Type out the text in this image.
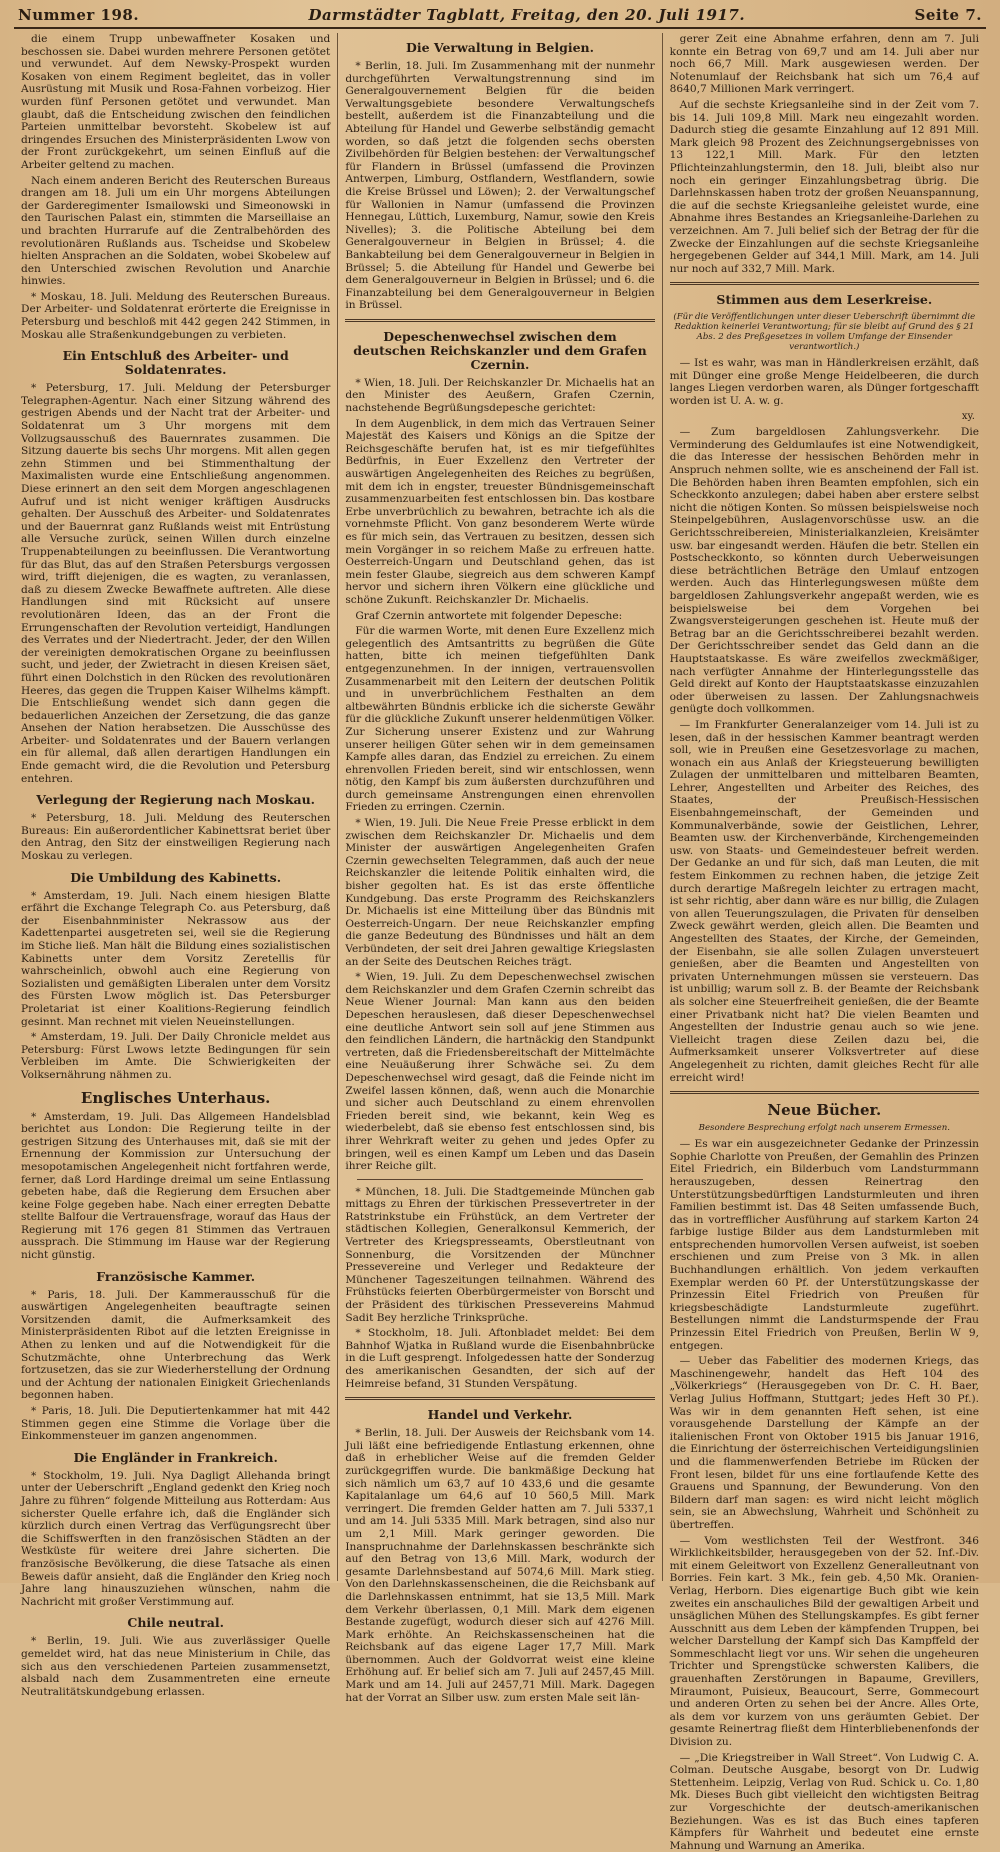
Nummer 198.	Darmstädter Tagblatt, Freitag, den 20. Juli 1917.	Seite 7.

die einem Trupp unbewaffneter Kosaken und beschossen sie. Dabei wurden mehrere Personen getötet und verwundet. Auf dem Newsky-Prospekt wurden Kosaken von einem Regiment begleitet, das in voller Ausrüstung mit Musik und Rosa-Fahnen vorbeizog. Hier wurden fünf Personen getötet und verwundet. Man glaubt, daß die Entscheidung zwischen den feindlichen Parteien unmittelbar bevorsteht. Skobelew ist auf dringendes Ersuchen des Ministerpräsidenten Lwow von der Front zurückgekehrt, um seinen Einfluß auf die Arbeiter geltend zu machen.

Nach einem anderen Bericht des Reuterschen Bureaus drangen am 18. Juli um ein Uhr morgens Abteilungen der Garderegimenter Ismailowski und Simeonowski in den Taurischen Palast ein, stimmten die Marseillaise an und brachten Hurrarufe auf die Zentralbehörden des revolutionären Rußlands aus. Tscheidse und Skobelew hielten Ansprachen an die Soldaten, wobei Skobelew auf den Unterschied zwischen Revolution und Anarchie hinwies.

* Moskau, 18. Juli. Meldung des Reuterschen Bureaus. Der Arbeiter- und Soldatenrat erörterte die Ereignisse in Petersburg und beschloß mit 442 gegen 242 Stimmen, in Moskau alle Straßenkundgebungen zu verbieten.

Ein Entschluß des Arbeiter- und Soldatenrates.

* Petersburg, 17. Juli. Meldung der Petersburger Telegraphen-Agentur. Nach einer Sitzung während des gestrigen Abends und der Nacht trat der Arbeiter- und Soldatenrat um 3 Uhr morgens mit dem Vollzugsausschuß des Bauernrates zusammen. Die Sitzung dauerte bis sechs Uhr morgens. Mit allen gegen zehn Stimmen und bei Stimmenthaltung der Maximalisten wurde eine Entschließung angenommen. Diese erinnert an den seit dem Morgen angeschlagenen Aufruf und ist nicht weniger kräftigen Ausdrucks gehalten. Der Ausschuß des Arbeiter- und Soldatenrates und der Bauernrat ganz Rußlands weist mit Entrüstung alle Versuche zurück, seinen Willen durch einzelne Truppenabteilungen zu beeinflussen. Die Verantwortung für das Blut, das auf den Straßen Petersburgs vergossen wird, trifft diejenigen, die es wagten, zu veranlassen, daß zu diesem Zwecke Bewaffnete auftreten. Alle diese Handlungen sind mit Rücksicht auf unsere revolutionären Ideen, das an der Front die Errungenschaften der Revolution verteidigt, Handlungen des Verrates und der Niedertracht. Jeder, der den Willen der vereinigten demokratischen Organe zu beeinflussen sucht, und jeder, der Zwietracht in diesen Kreisen säet, führt einen Dolchstich in den Rücken des revolutionären Heeres, das gegen die Truppen Kaiser Wilhelms kämpft. Die Entschließung wendet sich dann gegen die bedauerlichen Anzeichen der Zersetzung, die das ganze Ansehen der Nation herabsetzen. Die Ausschüsse des Arbeiter- und Soldatenrates und der Bauern verlangen ein für allemal, daß allen derartigen Handlungen ein Ende gemacht wird, die die Revolution und Petersburg entehren.

Verlegung der Regierung nach Moskau.

* Petersburg, 18. Juli. Meldung des Reuterschen Bureaus: Ein außerordentlicher Kabinettsrat beriet über den Antrag, den Sitz der einstweiligen Regierung nach Moskau zu verlegen.

Die Umbildung des Kabinetts.

* Amsterdam, 19. Juli. Nach einem hiesigen Blatte erfährt die Exchange Telegraph Co. aus Petersburg, daß der Eisenbahnminister Nekrassow aus der Kadettenpartei ausgetreten sei, weil sie die Regierung im Stiche ließ. Man hält die Bildung eines sozialistischen Kabinetts unter dem Vorsitz Zeretellis für wahrscheinlich, obwohl auch eine Regierung von Sozialisten und gemäßigten Liberalen unter dem Vorsitz des Fürsten Lwow möglich ist. Das Petersburger Proletariat ist einer Koalitions-Regierung feindlich gesinnt. Man rechnet mit vielen Neueinstellungen.

* Amsterdam, 19. Juli. Der Daily Chronicle meldet aus Petersburg: Fürst Lwows letzte Bedingungen für sein Verbleiben im Amte. Die Schwierigkeiten der Volksernährung nähmen zu.

Englisches Unterhaus.

* Amsterdam, 19. Juli. Das Allgemeen Handelsblad berichtet aus London: Die Regierung teilte in der gestrigen Sitzung des Unterhauses mit, daß sie mit der Ernennung der Kommission zur Untersuchung der mesopotamischen Angelegenheit nicht fortfahren werde, ferner, daß Lord Hardinge dreimal um seine Entlassung gebeten habe, daß die Regierung dem Ersuchen aber keine Folge gegeben habe. Nach einer erregten Debatte stellte Balfour die Vertrauensfrage, worauf das Haus der Regierung mit 176 gegen 81 Stimmen das Vertrauen aussprach. Die Stimmung im Hause war der Regierung nicht günstig.

Französische Kammer.

* Paris, 18. Juli. Der Kammerausschuß für die auswärtigen Angelegenheiten beauftragte seinen Vorsitzenden damit, die Aufmerksamkeit des Ministerpräsidenten Ribot auf die letzten Ereignisse in Athen zu lenken und auf die Notwendigkeit für die Schutzmächte, ohne Unterbrechung das Werk fortzusetzen, das sie zur Wiederherstellung der Ordnung und der Achtung der nationalen Einigkeit Griechenlands begonnen haben.

* Paris, 18. Juli. Die Deputiertenkammer hat mit 442 Stimmen gegen eine Stimme die Vorlage über die Einkommensteuer im ganzen angenommen.

Die Engländer in Frankreich.

* Stockholm, 19. Juli. Nya Dagligt Allehanda bringt unter der Ueberschrift „England gedenkt den Krieg noch Jahre zu führen“ folgende Mitteilung aus Rotterdam: Aus sicherster Quelle erfahre ich, daß die Engländer sich kürzlich durch einen Vertrag das Verfügungsrecht über die Schiffswerften in den französischen Städten an der Westküste für weitere drei Jahre sicherten. Die französische Bevölkerung, die diese Tatsache als einen Beweis dafür ansieht, daß die Engländer den Krieg noch Jahre lang hinauszuziehen wünschen, nahm die Nachricht mit großer Verstimmung auf.

Chile neutral.

* Berlin, 19. Juli. Wie aus zuverlässiger Quelle gemeldet wird, hat das neue Ministerium in Chile, das sich aus den verschiedenen Parteien zusammensetzt, alsbald nach dem Zusammentreten eine erneute Neutralitätskundgebung erlassen.

Die Verwaltung in Belgien.

* Berlin, 18. Juli. Im Zusammenhang mit der nunmehr durchgeführten Verwaltungstrennung sind im Generalgouvernement Belgien für die beiden Verwaltungsgebiete besondere Verwaltungschefs bestellt, außerdem ist die Finanzabteilung und die Abteilung für Handel und Gewerbe selbständig gemacht worden, so daß jetzt die folgenden sechs obersten Zivilbehörden für Belgien bestehen: der Verwaltungschef für Flandern in Brüssel (umfassend die Provinzen Antwerpen, Limburg, Ostflandern, Westflandern, sowie die Kreise Brüssel und Löwen); 2. der Verwaltungschef für Wallonien in Namur (umfassend die Provinzen Hennegau, Lüttich, Luxemburg, Namur, sowie den Kreis Nivelles); 3. die Politische Abteilung bei dem Generalgouverneur in Belgien in Brüssel; 4. die Bankabteilung bei dem Generalgouverneur in Belgien in Brüssel; 5. die Abteilung für Handel und Gewerbe bei dem Generalgouverneur in Belgien in Brüssel; und 6. die Finanzabteilung bei dem Generalgouverneur in Belgien in Brüssel.

Depeschenwechsel zwischen dem deutschen Reichskanzler und dem Grafen Czernin.

* Wien, 18. Juli. Der Reichskanzler Dr. Michaelis hat an den Minister des Aeußern, Grafen Czernin, nachstehende Begrüßungsdepesche gerichtet:

In dem Augenblick, in dem mich das Vertrauen Seiner Majestät des Kaisers und Königs an die Spitze der Reichsgeschäfte berufen hat, ist es mir tiefgefühltes Bedürfnis, in Euer Exzellenz den Vertreter der auswärtigen Angelegenheiten des Reiches zu begrüßen, mit dem ich in engster, treuester Bündnisgemeinschaft zusammenzuarbeiten fest entschlossen bin. Das kostbare Erbe unverbrüchlich zu bewahren, betrachte ich als die vornehmste Pflicht. Von ganz besonderem Werte würde es für mich sein, das Vertrauen zu besitzen, dessen sich mein Vorgänger in so reichem Maße zu erfreuen hatte. Oesterreich-Ungarn und Deutschland gehen, das ist mein fester Glaube, siegreich aus dem schweren Kampf hervor und sichern ihren Völkern eine glückliche und schöne Zukunft. Reichskanzler Dr. Michaelis.

Graf Czernin antwortete mit folgender Depesche:

Für die warmen Worte, mit denen Eure Exzellenz mich gelegentlich des Amtsantritts zu begrüßen die Güte hatten, bitte ich meinen tiefgefühlten Dank entgegenzunehmen. In der innigen, vertrauensvollen Zusammenarbeit mit den Leitern der deutschen Politik und in unverbrüchlichem Festhalten an dem altbewährten Bündnis erblicke ich die sicherste Gewähr für die glückliche Zukunft unserer heldenmütigen Völker. Zur Sicherung unserer Existenz und zur Wahrung unserer heiligen Güter sehen wir in dem gemeinsamen Kampfe alles daran, das Endziel zu erreichen. Zu einem ehrenvollen Frieden bereit, sind wir entschlossen, wenn nötig, den Kampf bis zum äußersten durchzuführen und durch gemeinsame Anstrengungen einen ehrenvollen Frieden zu erringen. Czernin.

* Wien, 19. Juli. Die Neue Freie Presse erblickt in dem zwischen dem Reichskanzler Dr. Michaelis und dem Minister der auswärtigen Angelegenheiten Grafen Czernin gewechselten Telegrammen, daß auch der neue Reichskanzler die leitende Politik einhalten wird, die bisher gegolten hat. Es ist das erste öffentliche Kundgebung. Das erste Programm des Reichskanzlers Dr. Michaelis ist eine Mitteilung über das Bündnis mit Oesterreich-Ungarn. Der neue Reichskanzler empfing die ganze Bedeutung des Bündnisses und hält an dem Verbündeten, der seit drei Jahren gewaltige Kriegslasten an der Seite des Deutschen Reiches trägt.

* Wien, 19. Juli. Zu dem Depeschenwechsel zwischen dem Reichskanzler und dem Grafen Czernin schreibt das Neue Wiener Journal: Man kann aus den beiden Depeschen herauslesen, daß dieser Depeschenwechsel eine deutliche Antwort sein soll auf jene Stimmen aus den feindlichen Ländern, die hartnäckig den Standpunkt vertreten, daß die Friedensbereitschaft der Mittelmächte eine Neuäußerung ihrer Schwäche sei. Zu dem Depeschenwechsel wird gesagt, daß die Feinde nicht im Zweifel lassen können, daß, wenn auch die Monarchie und sicher auch Deutschland zu einem ehrenvollen Frieden bereit sind, wie bekannt, kein Weg es wiederbelebt, daß sie ebenso fest entschlossen sind, bis ihrer Wehrkraft weiter zu gehen und jedes Opfer zu bringen, weil es einen Kampf um Leben und das Dasein ihrer Reiche gilt.

* München, 18. Juli. Die Stadtgemeinde München gab mittags zu Ehren der türkischen Pressevertreter in der Ratstrinkstube ein Frühstück, an dem Vertreter der städtischen Kollegien, Generalkonsul Kemmerich, der Vertreter des Kriegspresseamts, Oberstleutnant von Sonnenburg, die Vorsitzenden der Münchner Pressevereine und Verleger und Redakteure der Münchener Tageszeitungen teilnahmen. Während des Frühstücks feierten Oberbürgermeister von Borscht und der Präsident des türkischen Pressevereins Mahmud Sadit Bey herzliche Trinksprüche.

* Stockholm, 18. Juli. Aftonbladet meldet: Bei dem Bahnhof Wjatka in Rußland wurde die Eisenbahnbrücke in die Luft gesprengt. Infolgedessen hatte der Sonderzug des amerikanischen Gesandten, der sich auf der Heimreise befand, 31 Stunden Verspätung.

Handel und Verkehr.

* Berlin, 18. Juli. Der Ausweis der Reichsbank vom 14. Juli läßt eine befriedigende Entlastung erkennen, ohne daß in erheblicher Weise auf die fremden Gelder zurückgegriffen wurde. Die bankmäßige Deckung hat sich nämlich um 63,7 auf 10 433,6 und die gesamte Kapitalanlage um 64,6 auf 10 560,5 Mill. Mark verringert. Die fremden Gelder hatten am 7. Juli 5337,1 und am 14. Juli 5335 Mill. Mark betragen, sind also nur um 2,1 Mill. Mark geringer geworden. Die Inanspruchnahme der Darlehnskassen beschränkte sich auf den Betrag von 13,6 Mill. Mark, wodurch der gesamte Darlehnsbestand auf 5074,6 Mill. Mark stieg. Von den Darlehnskassenscheinen, die die Reichsbank auf die Darlehnskassen entnimmt, hat sie 13,5 Mill. Mark dem Verkehr überlassen, 0,1 Mill. Mark dem eigenen Bestande zugefügt, wodurch dieser sich auf 4276 Mill. Mark erhöhte. An Reichskassenscheinen hat die Reichsbank auf das eigene Lager 17,7 Mill. Mark übernommen. Auch der Goldvorrat weist eine kleine Erhöhung auf. Er belief sich am 7. Juli auf 2457,45 Mill. Mark und am 14. Juli auf 2457,71 Mill. Mark. Dagegen hat der Vorrat an Silber usw. zum ersten Male seit län-

gerer Zeit eine Abnahme erfahren, denn am 7. Juli konnte ein Betrag von 69,7 und am 14. Juli aber nur noch 66,7 Mill. Mark ausgewiesen werden. Der Notenumlauf der Reichsbank hat sich um 76,4 auf 8640,7 Millionen Mark verringert.

Auf die sechste Kriegsanleihe sind in der Zeit vom 7. bis 14. Juli 109,8 Mill. Mark neu eingezahlt worden. Dadurch stieg die gesamte Einzahlung auf 12 891 Mill. Mark gleich 98 Prozent des Zeichnungsergebnisses von 13 122,1 Mill. Mark. Für den letzten Pflichteinzahlungstermin, den 18. Juli, bleibt also nur noch ein geringer Einzahlungsbetrag übrig. Die Darlehnskassen haben trotz der großen Neuanspannung, die auf die sechste Kriegsanleihe geleistet wurde, eine Abnahme ihres Bestandes an Kriegsanleihe-Darlehen zu verzeichnen. Am 7. Juli belief sich der Betrag der für die Zwecke der Einzahlungen auf die sechste Kriegsanleihe hergegebenen Gelder auf 344,1 Mill. Mark, am 14. Juli nur noch auf 332,7 Mill. Mark.

Stimmen aus dem Leserkreise.

(Für die Veröffentlichungen unter dieser Ueberschrift übernimmt die Redaktion keinerlei Verantwortung; für sie bleibt auf Grund des § 21 Abs. 2 des Preßgesetzes in vollem Umfange der Einsender verantwortlich.)

— Ist es wahr, was man in Händlerkreisen erzählt, daß mit Dünger eine große Menge Heidelbeeren, die durch langes Liegen verdorben waren, als Dünger fortgeschafft worden ist U. A. w. g.

xy.

— Zum bargeldlosen Zahlungsverkehr. Die Verminderung des Geldumlaufes ist eine Notwendigkeit, die das Interesse der hessischen Behörden mehr in Anspruch nehmen sollte, wie es anscheinend der Fall ist. Die Behörden haben ihren Beamten empfohlen, sich ein Scheckkonto anzulegen; dabei haben aber erstere selbst nicht die nötigen Konten. So müssen beispielsweise noch Steinpelgebühren, Auslagenvorschüsse usw. an die Gerichtsschreibereien, Ministerialkanzleien, Kreisämter usw. bar eingesandt werden. Häufen die betr. Stellen ein Postscheckkonto, so könnten durch Ueberweisungen diese beträchtlichen Beträge den Umlauf entzogen werden. Auch das Hinterlegungswesen müßte dem bargeldlosen Zahlungsverkehr angepaßt werden, wie es beispielsweise bei dem Vorgehen bei Zwangsversteigerungen geschehen ist. Heute muß der Betrag bar an die Gerichtsschreiberei bezahlt werden. Der Gerichtsschreiber sendet das Geld dann an die Hauptstaatskasse. Es wäre zweifellos zweckmäßiger, nach verfügter Annahme der Hinterlegungsstelle das Geld direkt auf Konto der Hauptstaatskasse einzuzahlen oder überweisen zu lassen. Der Zahlungsnachweis genügte doch vollkommen.

— Im Frankfurter Generalanzeiger vom 14. Juli ist zu lesen, daß in der hessischen Kammer beantragt werden soll, wie in Preußen eine Gesetzesvorlage zu machen, wonach ein aus Anlaß der Kriegsteuerung bewilligten Zulagen der unmittelbaren und mittelbaren Beamten, Lehrer, Angestellten und Arbeiter des Reiches, des Staates, der Preußisch-Hessischen Eisenbahngemeinschaft, der Gemeinden und Kommunalverbände, sowie der Geistlichen, Lehrer, Beamten usw. der Kirchenverbände, Kirchengemeinden usw. von Staats- und Gemeindesteuer befreit werden. Der Gedanke an und für sich, daß man Leuten, die mit festem Einkommen zu rechnen haben, die jetzige Zeit durch derartige Maßregeln leichter zu ertragen macht, ist sehr richtig, aber dann wäre es nur billig, die Zulagen von allen Teuerungszulagen, die Privaten für denselben Zweck gewährt werden, gleich allen. Die Beamten und Angestellten des Staates, der Kirche, der Gemeinden, der Eisenbahn, sie alle sollen Zulagen unversteuert genießen, aber die Beamten und Angestellten von privaten Unternehmungen müssen sie versteuern. Das ist unbillig; warum soll z. B. der Beamte der Reichsbank als solcher eine Steuerfreiheit genießen, die der Beamte einer Privatbank nicht hat? Die vielen Beamten und Angestellten der Industrie genau auch so wie jene. Vielleicht tragen diese Zeilen dazu bei, die Aufmerksamkeit unserer Volksvertreter auf diese Angelegenheit zu richten, damit gleiches Recht für alle erreicht wird!

Neue Bücher.

Besondere Besprechung erfolgt nach unserem Ermessen.

— Es war ein ausgezeichneter Gedanke der Prinzessin Sophie Charlotte von Preußen, der Gemahlin des Prinzen Eitel Friedrich, ein Bilderbuch vom Landsturmmann herauszugeben, dessen Reinertrag den Unterstützungsbedürftigen Landsturmleuten und ihren Familien bestimmt ist. Das 48 Seiten umfassende Buch, das in vortrefflicher Ausführung auf starkem Karton 24 farbige lustige Bilder aus dem Landsturmleben mit entsprechenden humorvollen Versen aufweist, ist soeben erschienen und zum Preise von 3 Mk. in allen Buchhandlungen erhältlich. Von jedem verkauften Exemplar werden 60 Pf. der Unterstützungskasse der Prinzessin Eitel Friedrich von Preußen für kriegsbeschädigte Landsturmleute zugeführt. Bestellungen nimmt die Landsturmspende der Frau Prinzessin Eitel Friedrich von Preußen, Berlin W 9, entgegen.

— Ueber das Fabelitier des modernen Kriegs, das Maschinengewehr, handelt das Heft 104 des „Völkerkriegs“ (Herausgegeben von Dr. C. H. Baer, Verlag Julius Hoffmann, Stuttgart; jedes Heft 30 Pf.). Was wir in dem genannten Heft sehen, ist eine vorausgehende Darstellung der Kämpfe an der italienischen Front von Oktober 1915 bis Januar 1916, die Einrichtung der österreichischen Verteidigungslinien und die flammenwerfenden Betriebe im Rücken der Front lesen, bildet für uns eine fortlaufende Kette des Grauens und Spannung, der Bewunderung. Von den Bildern darf man sagen: es wird nicht leicht möglich sein, sie an Abwechslung, Wahrheit und Schönheit zu übertreffen.

— Vom westlichsten Teil der Westfront. 346 Wirklichkeitsbilder, herausgegeben von der 52. Inf.-Div. mit einem Geleitwort von Exzellenz Generalleutnant von Borries. Fein kart. 3 Mk., fein geb. 4,50 Mk. Oranien-Verlag, Herborn. Dies eigenartige Buch gibt wie kein zweites ein anschauliches Bild der gewaltigen Arbeit und unsäglichen Mühen des Stellungskampfes. Es gibt ferner Ausschnitt aus dem Leben der kämpfenden Truppen, bei welcher Darstellung der Kampf sich Das Kampffeld der Sommeschlacht liegt vor uns. Wir sehen die ungeheuren Trichter und Sprengstücke schwersten Kalibers, die grauenhaften Zerstörungen in Bapaume, Grevillers, Miraumont, Puisieux, Beaucourt, Serre, Gommecourt und anderen Orten zu sehen bei der Ancre. Alles Orte, als dem vor kurzem von uns geräumten Gebiet. Der gesamte Reinertrag fließt dem Hinterbliebenenfonds der Division zu.

— „Die Kriegstreiber in Wall Street“. Von Ludwig C. A. Colman. Deutsche Ausgabe, besorgt von Dr. Ludwig Stettenheim. Leipzig, Verlag von Rud. Schick u. Co. 1,80 Mk. Dieses Buch gibt vielleicht den wichtigsten Beitrag zur Vorgeschichte der deutsch-amerikanischen Beziehungen. Was es ist das Buch eines tapferen Kämpfers für Wahrheit und bedeutet eine ernste Mahnung und Warnung an Amerika.
